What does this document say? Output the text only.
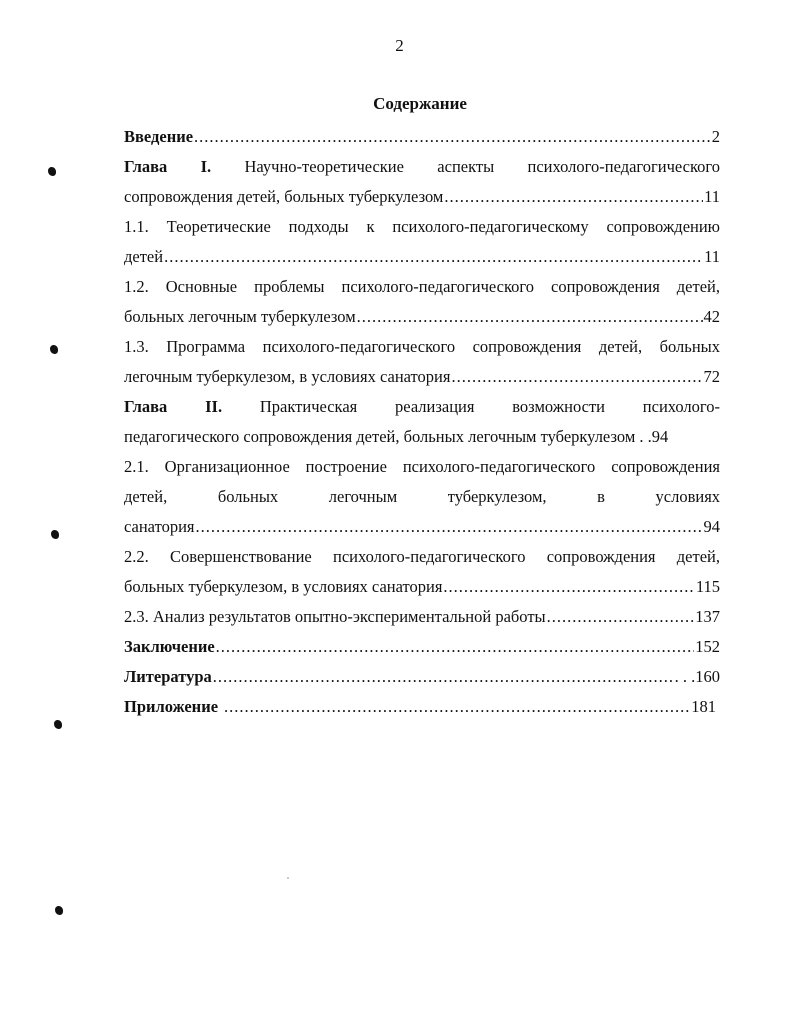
2
Содержание
Введение .....	2
Глава I. Научно-теоретические аспекты психолого-педагогического
сопровождения детей, больных туберкулезом .....	11
1.1. Теоретические подходы к психолого-педагогическому сопровождению
детей .....	11
1.2. Основные проблемы психолого-педагогического сопровождения детей,
больных легочным туберкулезом .....	42
1.3. Программа психолого-педагогического сопровождения детей, больных
легочным туберкулезом, в условиях санатория .....	72
Глава II. Практическая реализация возможности психолого-
педагогического сопровождения детей, больных легочным туберкулезом . . 94
2.1. Организационное построение психолого-педагогического сопровождения
детей,	больных	легочным	туберкулезом,	в	условиях
санатория .....	94
2.2. Совершенствование психолого-педагогического сопровождения детей,
больных туберкулезом, в условиях санатория .....	115
2.3. Анализ результатов опытно-экспериментальной работы .....	137
Заключение .....	152
Литература .....	. . .160
Приложение .....	181
